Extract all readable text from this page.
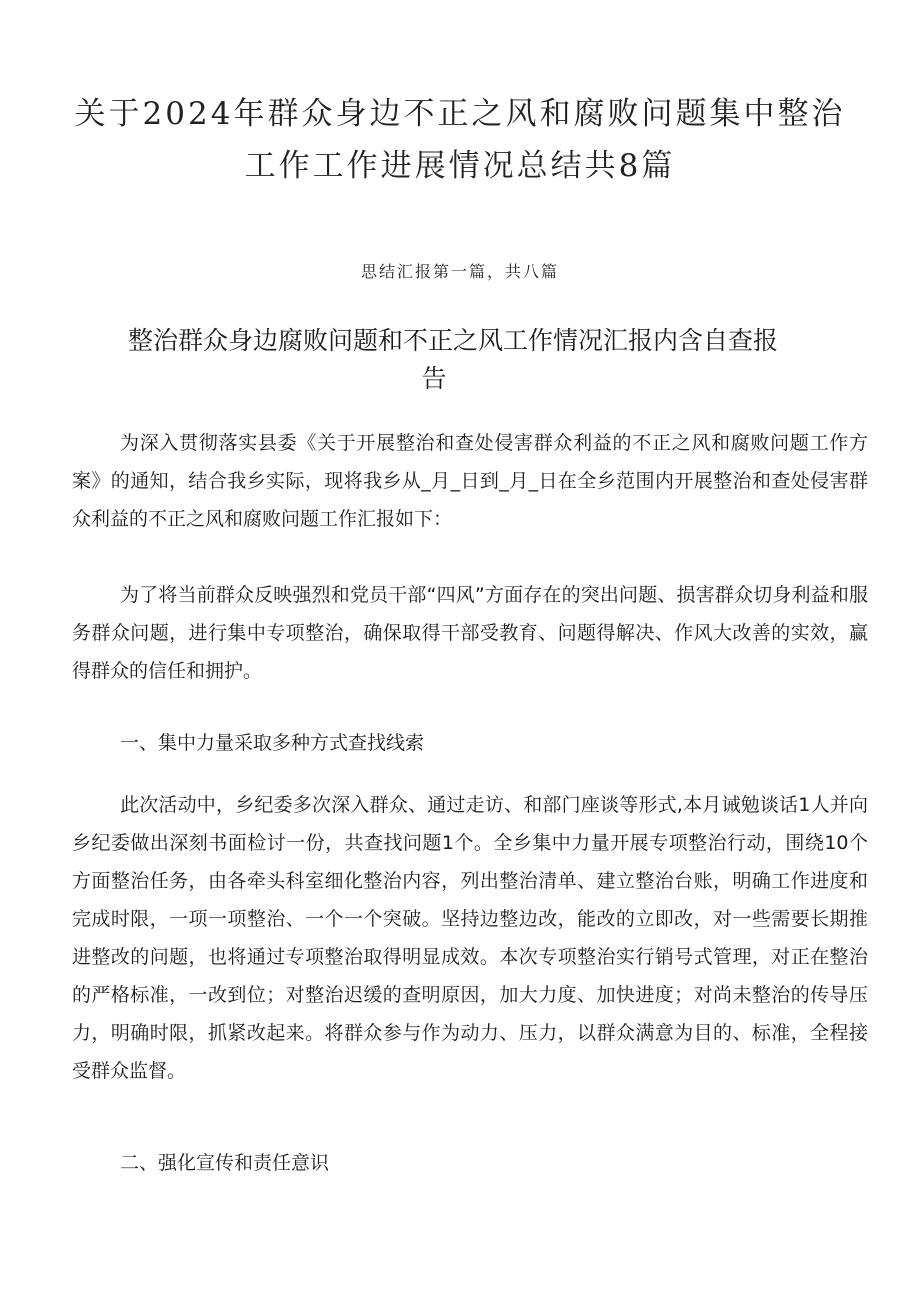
关于2024年群众身边不正之风和腐败问题集中整治
工作工作进展情况总结共8篇
思结汇报第一篇，共八篇
整治群众身边腐败问题和不正之风工作情况汇报内含自查报
告

为深入贯彻落实县委《关于开展整治和查处侵害群众利益的不正之风和腐败问题工作方案》的通知，结合我乡实际，现将我乡从_月_日到_月_日在全乡范围内开展整治和查处侵害群众利益的不正之风和腐败问题工作汇报如下：

为了将当前群众反映强烈和党员干部“四风”方面存在的突出问题、损害群众切身利益和服务群众问题，进行集中专项整治，确保取得干部受教育、问题得解决、作风大改善的实效，赢得群众的信任和拥护。

一、集中力量采取多种方式查找线索

此次活动中，乡纪委多次深入群众、通过走访、和部门座谈等形式,本月诫勉谈话1人并向乡纪委做出深刻书面检讨一份，共查找问题1个。全乡集中力量开展专项整治行动，围绕10个方面整治任务，由各牵头科室细化整治内容，列出整治清单、建立整治台账，明确工作进度和完成时限，一项一项整治、一个一个突破。坚持边整边改，能改的立即改，对一些需要长期推进整改的问题，也将通过专项整治取得明显成效。本次专项整治实行销号式管理，对正在整治的严格标准，一改到位；对整治迟缓的查明原因，加大力度、加快进度；对尚未整治的传导压力，明确时限，抓紧改起来。将群众参与作为动力、压力，以群众满意为目的、标准，全程接受群众监督。

二、强化宣传和责任意识
